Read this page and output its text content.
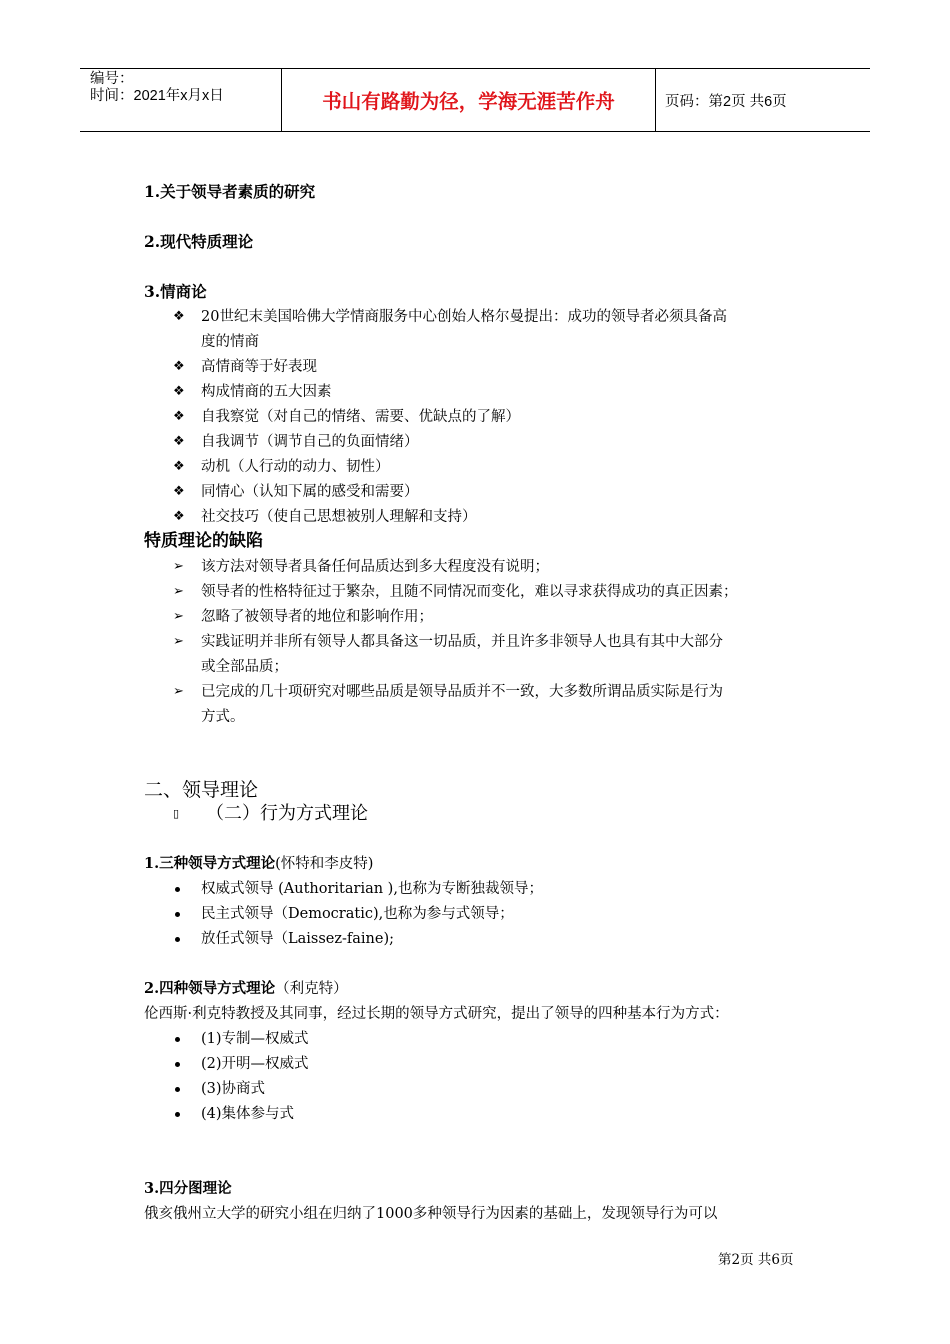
编号：
时间：2021年x月x日	书山有路勤为径，学海无涯苦作舟	页码：第2页 共6页
1.关于领导者素质的研究
2.现代特质理论
3.情商论
❖ 20世纪末美国哈佛大学情商服务中心创始人格尔曼提出：成功的领导者必须具备高
度的情商
❖ 高情商等于好表现
❖ 构成情商的五大因素
❖ 自我察觉（对自己的情绪、需要、优缺点的了解）
❖ 自我调节（调节自己的负面情绪）
❖ 动机（人行动的动力、韧性）
❖ 同情心（认知下属的感受和需要）
❖ 社交技巧（使自己思想被别人理解和支持）
特质理论的缺陷
➢ 该方法对领导者具备任何品质达到多大程度没有说明；
➢ 领导者的性格特征过于繁杂，且随不同情况而变化，难以寻求获得成功的真正因素；
➢ 忽略了被领导者的地位和影响作用；
➢ 实践证明并非所有领导人都具备这一切品质，并且许多非领导人也具有其中大部分
或全部品质；
➢ 已完成的几十项研究对哪些品质是领导品质并不一致，大多数所谓品质实际是行为
方式。
二、领导理论
▯ （二）行为方式理论
1.三种领导方式理论(怀特和李皮特)
权威式领导 (Authoritarian ),也称为专断独裁领导；
民主式领导（Democratic),也称为参与式领导；
放任式领导（Laissez-faine);
2.四种领导方式理论（利克特）
伦西斯·利克特教授及其同事，经过长期的领导方式研究，提出了领导的四种基本行为方式：
(1)专制—权威式
(2)开明—权威式
(3)协商式
(4)集体参与式
3.四分图理论
俄亥俄州立大学的研究小组在归纳了1000多种领导行为因素的基础上，发现领导行为可以
第2页 共6页
